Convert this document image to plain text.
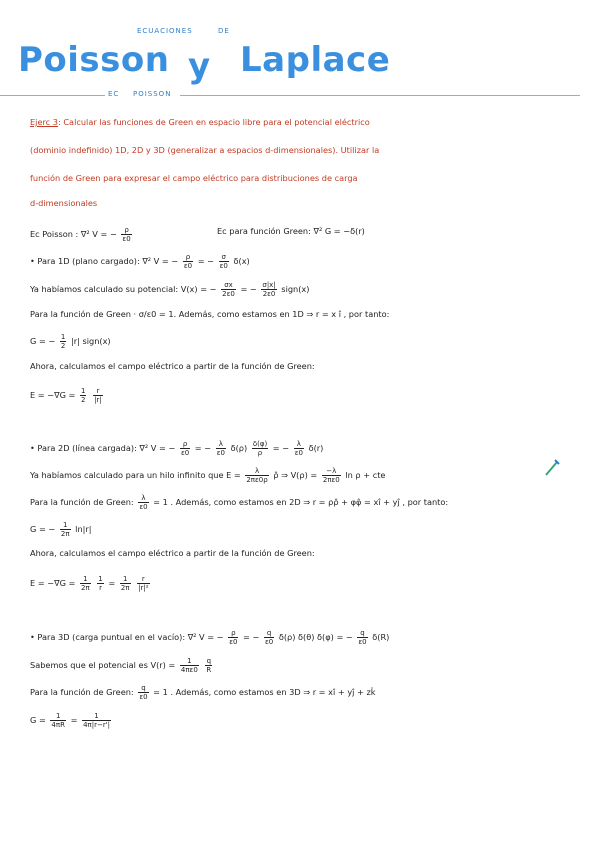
ECUACIONES	DE
Poisson y Laplace
EC POISSON
Ejerc 3: Calcular las funciones de Green en espacio libre para el potencial eléctrico
(dominio indefinido) 1D, 2D y 3D (generalizar a espacios d-dimensionales). Utilizar la
función de Green para expresar el campo eléctrico para distribuciones de carga
d-dimensionales
Ec Poisson : ∇² V = − $\frac{\rho}{\varepsilon 0}$	Ec para función Green: ∇² G = −δ(r)
• Para 1D (plano cargado): ∇² V = − $\frac{\rho}{\varepsilon 0}$ = − $\frac{\sigma}{\varepsilon 0} \delta(x)$
Ya habíamos calculado su potencial: V(x) = − $\frac{\sigma x}{2\varepsilon 0}$ = − $\frac{\sigma|x|}{2\varepsilon 0}$ sign(x)
Para la función de Green · σ/ε0 = 1. Además, como estamos en 1D ⇒ r = x î , por tanto:
G = − $\frac{1}{2} |r|$ sign(x)
Ahora, calculamos el campo eléctrico a partir de la función de Green:
$E = -\nabla G = \frac{1}{2}$
$\frac{r}{|r|}$
• Para 2D (línea cargada): ∇² V = − $\frac{\rho}{\varepsilon 0}$ = − $\frac{\lambda}{\varepsilon 0} \delta(\rho) \frac{\delta(\varphi)}{\rho}$ = − $\frac{\lambda}{\varepsilon 0} \delta(r)$
Ya habíamos calculado para un hilo infinito que $E = \frac{\lambda}{2\pi\varepsilon 0\rho}$ ρ̂ ⇒ $V(\rho) = \frac{-\lambda}{2\pi\varepsilon 0}$ ln ρ + cte
Para la función de Green: $\frac{\lambda}{\varepsilon 0} = 1$ . Además, como estamos en 2D ⇒ r = ρρ̂ + φφ̂ = xî + yĵ , por tanto:
G = − $\frac{1}{2\pi} \ln|r|$
Ahora, calculamos el campo eléctrico a partir de la función de Green:
$E = -\nabla G = \frac{1}{2\pi}$
$\frac{1}{r} = \frac{1}{2\pi}$
$\frac{r}{\text{|r|²}}$
• Para 3D (carga puntual en el vacío): ∇² V = − $\frac{\rho}{\varepsilon 0}$ = − $\frac{q}{\varepsilon 0} \delta(\rho)$ δ(θ) δ(φ) = − $\frac{q}{\varepsilon 0} \delta(R)$
Sabemos que el potencial es $V(r) = \frac{1}{4\pi\varepsilon 0}$
$\frac{q}{R}$
Para la función de Green: $\frac{q}{\varepsilon 0} = 1$ . Además, como estamos en 3D ⇒ r = xî + yĵ + zk̂
$G = \frac{1}{4\pi R} = \frac{1}{4\pi|r-r'|}$
